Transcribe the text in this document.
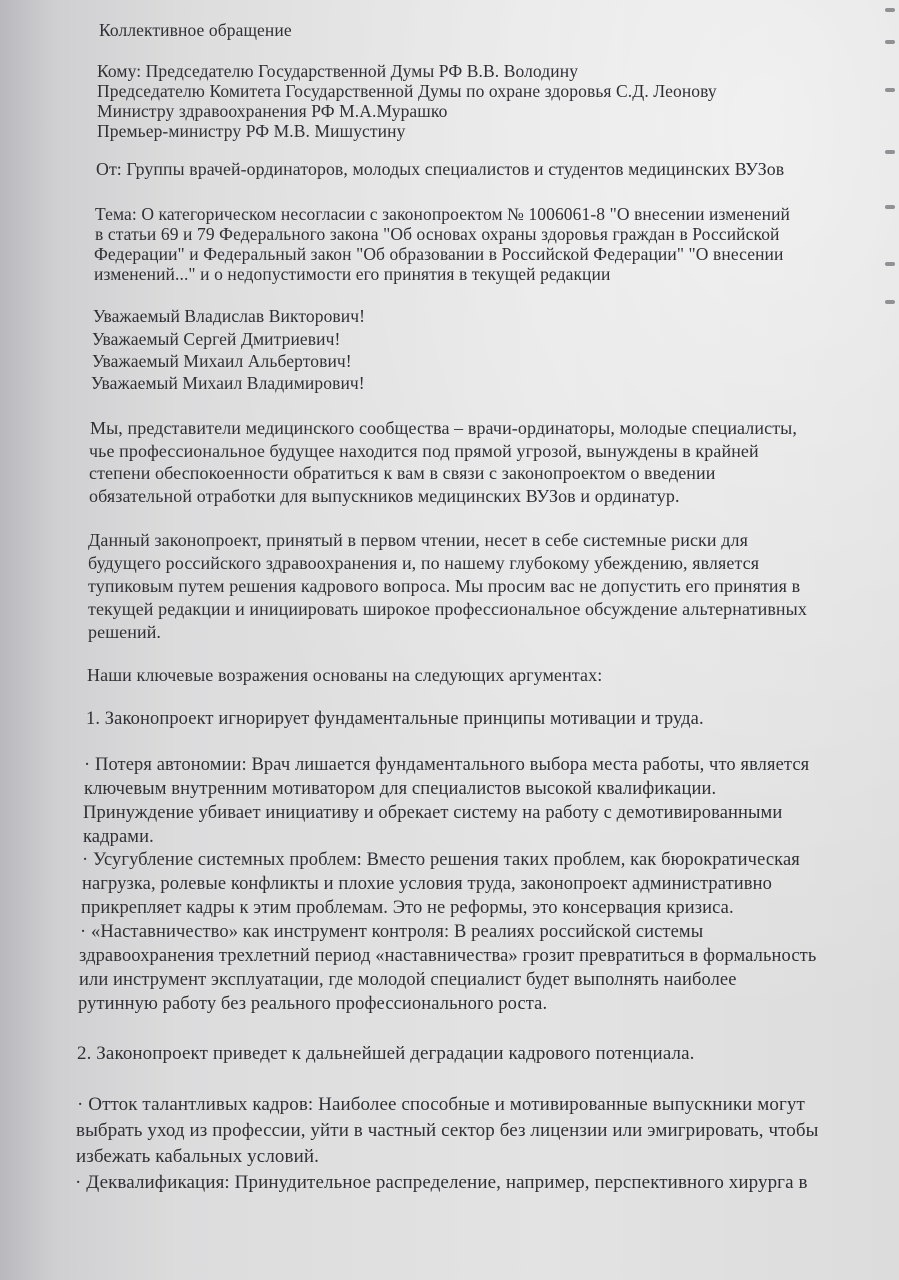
Коллективное обращение
Кому: Председателю Государственной Думы РФ В.В. Володину
Председателю Комитета Государственной Думы по охране здоровья С.Д. Леонову
Министру здравоохранения РФ М.А.Мурашко
Премьер-министру РФ М.В. Мишустину
От: Группы врачей-ординаторов, молодых специалистов и студентов медицинских ВУЗов
Тема: О категорическом несогласии с законопроектом № 1006061-8 "О внесении изменений
в статьи 69 и 79 Федерального закона "Об основах охраны здоровья граждан в Российской
Федерации" и Федеральный закон "Об образовании в Российской Федерации" "О внесении
изменений..." и о недопустимости его принятия в текущей редакции
Уважаемый Владислав Викторович!
Уважаемый Сергей Дмитриевич!
Уважаемый Михаил Альбертович!
Уважаемый Михаил Владимирович!
Мы, представители медицинского сообщества – врачи-ординаторы, молодые специалисты,
чье профессиональное будущее находится под прямой угрозой, вынуждены в крайней
степени обеспокоенности обратиться к вам в связи с законопроектом о введении
обязательной отработки для выпускников медицинских ВУЗов и ординатур.
Данный законопроект, принятый в первом чтении, несет в себе системные риски для
будущего российского здравоохранения и, по нашему глубокому убеждению, является
тупиковым путем решения кадрового вопроса. Мы просим вас не допустить его принятия в
текущей редакции и инициировать широкое профессиональное обсуждение альтернативных
решений.
Наши ключевые возражения основаны на следующих аргументах:
1. Законопроект игнорирует фундаментальные принципы мотивации и труда.
· Потеря автономии: Врач лишается фундаментального выбора места работы, что является
ключевым внутренним мотиватором для специалистов высокой квалификации.
Принуждение убивает инициативу и обрекает систему на работу с демотивированными
кадрами.
· Усугубление системных проблем: Вместо решения таких проблем, как бюрократическая
нагрузка, ролевые конфликты и плохие условия труда, законопроект административно
прикрепляет кадры к этим проблемам. Это не реформы, это консервация кризиса.
· «Наставничество» как инструмент контроля: В реалиях российской системы
здравоохранения трехлетний период «наставничества» грозит превратиться в формальность
или инструмент эксплуатации, где молодой специалист будет выполнять наиболее
рутинную работу без реального профессионального роста.
2. Законопроект приведет к дальнейшей деградации кадрового потенциала.
· Отток талантливых кадров: Наиболее способные и мотивированные выпускники могут
выбрать уход из профессии, уйти в частный сектор без лицензии или эмигрировать, чтобы
избежать кабальных условий.
· Деквалификация: Принудительное распределение, например, перспективного хирурга в
